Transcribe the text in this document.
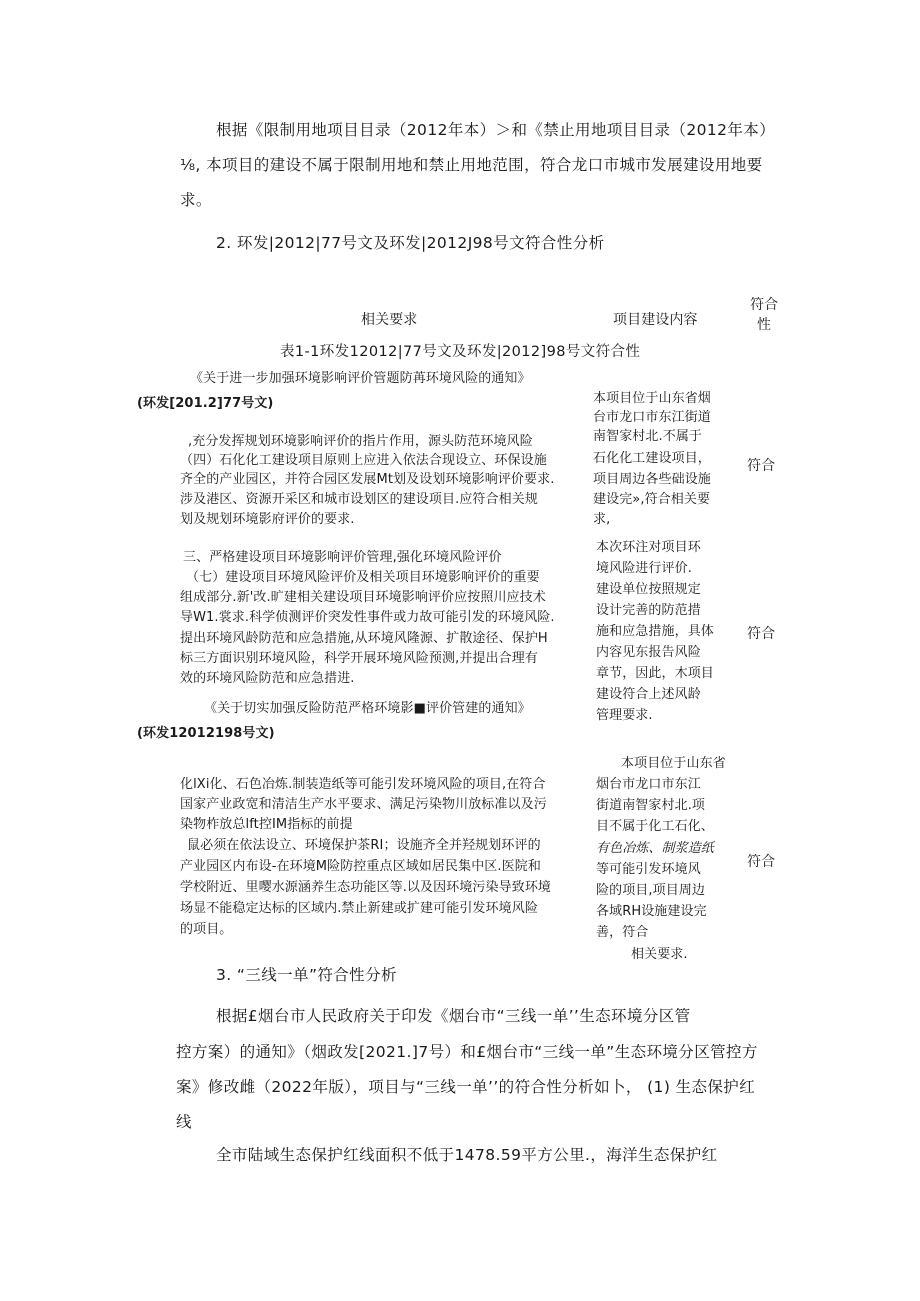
根据《限制用地项目目录（2012年本）＞和《禁止用地项目目录（2012年本）
⅛, 本项目的建设不属于限制用地和禁止用地范围，符合龙口市城市发展建设用地要
求。
2. 环发|2012|77号文及环发|2012J98号文符合性分析
相关要求	项目建设内容
符合
性
表1-1环发12012|77号文及环发|2012]98号文符合性
《关于进一步加强环境影响评价管题防苒环境风险的通知》
(环发[201.2]77号文)
,充分发挥规划环境影响评价的指片作用，源头防范环境风险
（四）石化化工建设项目原则上应进入依法合现设立、环保设施
齐全的产业园区，并符合园区发展Mt划及设划环境影响评价要求.
涉及港区、资源开采区和城市设划区的建设项目.应符合相关规
划及规划环境影府评价的要求.
本项目位于山东省烟
台市龙口市东江街道
南智家村北.不属于
石化化工建设项目，
项目周边各些础设施
建设完»,符合相关要
求,
符合
三、严格建设项目环境影响评价管理,强化环境风险评价
（七）建设项目环境风险评价及相关项目环境影响评价的重要
组成部分.新'改.旷建相关建设项目环境影响评价应按照川应技术
导W1.裳求.科学侦测评价突发性事件或力故可能引发的环境风险.
提出环境风龄防范和应急措施,从环境风隆源、扩散途径、保护H
标三方面识别环境风险，科学开展环境风险预测,并提出合理有
效的环境风险防范和应急措进.
本次环注对项目环
境风险进行评价.
建设单位按照规定
设计完善的防范措
施和应急措施，具体
内容见东报告风险
章节，因此，木项目
建设符合上述风龄
管理要求.
符合
《关于切实加强反险防范严格环境影■评价管建的通知》
(环发12012198号文)
化lXi化、石色冶炼.制装造纸等可能引发环境风险的项目,在符合
国家产业政宽和清洁生产水平要求、满足污染物川放标准以及污
染物柞放总lft控IM指标的前提
鼠必须在依法设立、环境保护茶RI；设施齐全并羟规划环评的
产业园区内布设-在环境M险防控重点区域如居民集中区.医院和
学校附近、里嘤水源涵养生态功能区等.以及因环境污染导致环境
场显不能稳定达标的区域内.禁止新建或扩建可能引发环境风险
的项目。
本项目位于山东省
烟台市龙口市东江
街道南智家村北.项
目不属于化工石化、
有色冶炼、制浆造纸
等可能引发环境风
险的项目,项目周边
各域RH设施建设完
善，符合
相关要求.
符合
3. “三线一单”符合性分析
根据£烟台市人民政府关于印发《烟台市“三线一单’’生态环境分区管
控方案）的通知》（烟政发[2021.]7号）和£烟台市“三线一单”生态环境分区管控方
案》修改雌（2022年版），项目与“三线一单’’的符合性分析如卜， (1) 生态保护红
线
全市陆域生态保护红线面积不低于1478.59平方公里.，海洋生态保护红
